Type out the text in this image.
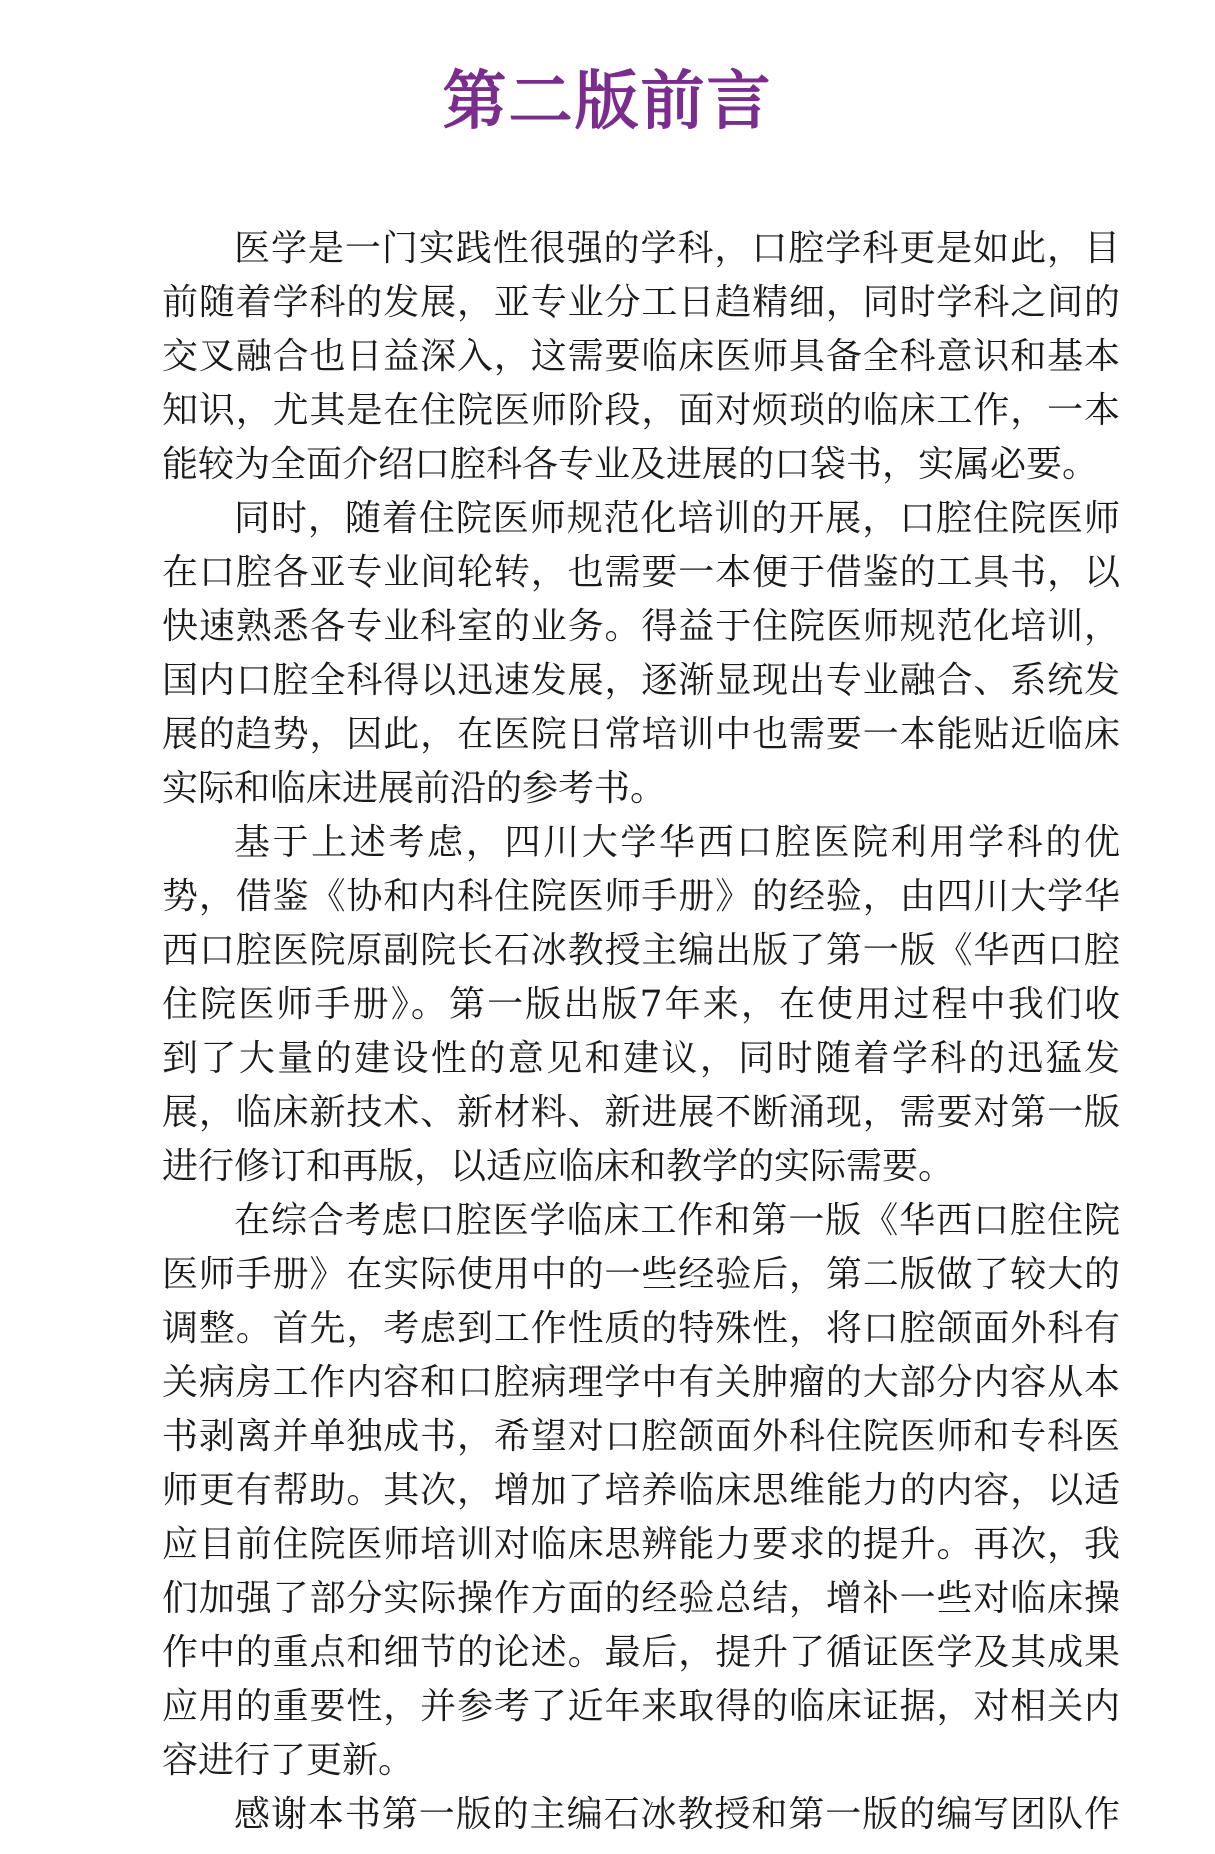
第二版前言
医学是一门实践性很强的学科，口腔学科更是如此，目
前随着学科的发展，亚专业分工日趋精细，同时学科之间的
交叉融合也日益深入，这需要临床医师具备全科意识和基本
知识，尤其是在住院医师阶段，面对烦琐的临床工作，一本
能较为全面介绍口腔科各专业及进展的口袋书，实属必要。
同时，随着住院医师规范化培训的开展，口腔住院医师
在口腔各亚专业间轮转，也需要一本便于借鉴的工具书，以
快速熟悉各专业科室的业务。得益于住院医师规范化培训，
国内口腔全科得以迅速发展，逐渐显现出专业融合、系统发
展的趋势，因此，在医院日常培训中也需要一本能贴近临床
实际和临床进展前沿的参考书。
基于上述考虑，四川大学华西口腔医院利用学科的优
势，借鉴《协和内科住院医师手册》的经验，由四川大学华
西口腔医院原副院长石冰教授主编出版了第一版《华西口腔
住院医师手册》。第一版出版7年来，在使用过程中我们收
到了大量的建设性的意见和建议，同时随着学科的迅猛发
展，临床新技术、新材料、新进展不断涌现，需要对第一版
进行修订和再版，以适应临床和教学的实际需要。
在综合考虑口腔医学临床工作和第一版《华西口腔住院
医师手册》在实际使用中的一些经验后，第二版做了较大的
调整。首先，考虑到工作性质的特殊性，将口腔颌面外科有
关病房工作内容和口腔病理学中有关肿瘤的大部分内容从本
书剥离并单独成书，希望对口腔颌面外科住院医师和专科医
师更有帮助。其次，增加了培养临床思维能力的内容，以适
应目前住院医师培训对临床思辨能力要求的提升。再次，我
们加强了部分实际操作方面的经验总结，增补一些对临床操
作中的重点和细节的论述。最后，提升了循证医学及其成果
应用的重要性，并参考了近年来取得的临床证据，对相关内
容进行了更新。
感谢本书第一版的主编石冰教授和第一版的编写团队作
